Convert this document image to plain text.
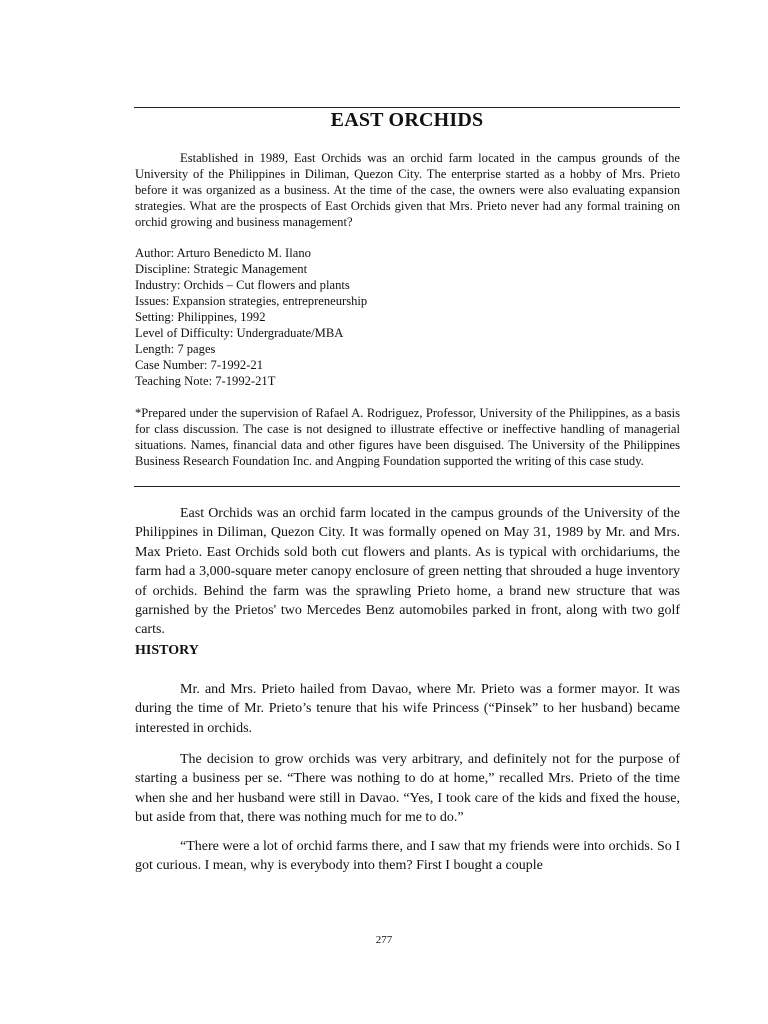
EAST ORCHIDS

Established in 1989, East Orchids was an orchid farm located in the campus grounds of the University of the Philippines in Diliman, Quezon City. The enterprise started as a hobby of Mrs. Prieto before it was organized as a business. At the time of the case, the owners were also evaluating expansion strategies. What are the prospects of East Orchids given that Mrs. Prieto never had any formal training on orchid growing and business management?

Author: Arturo Benedicto M. Ilano
Discipline: Strategic Management
Industry: Orchids – Cut flowers and plants
Issues: Expansion strategies, entrepreneurship
Setting: Philippines, 1992
Level of Difficulty: Undergraduate/MBA
Length: 7 pages
Case Number: 7-1992-21
Teaching Note: 7-1992-21T

*Prepared under the supervision of Rafael A. Rodriguez, Professor, University of the Philippines, as a basis for class discussion. The case is not designed to illustrate effective or ineffective handling of managerial situations. Names, financial data and other figures have been disguised. The University of the Philippines Business Research Foundation Inc. and Angping Foundation supported the writing of this case study.

East Orchids was an orchid farm located in the campus grounds of the University of the Philippines in Diliman, Quezon City. It was formally opened on May 31, 1989 by Mr. and Mrs. Max Prieto. East Orchids sold both cut flowers and plants. As is typical with orchidariums, the farm had a 3,000-square meter canopy enclosure of green netting that shrouded a huge inventory of orchids. Behind the farm was the sprawling Prieto home, a brand new structure that was garnished by the Prietos' two Mercedes Benz automobiles parked in front, along with two golf carts.

HISTORY

Mr. and Mrs. Prieto hailed from Davao, where Mr. Prieto was a former mayor. It was during the time of Mr. Prieto’s tenure that his wife Princess (“Pinsek” to her husband) became interested in orchids.

The decision to grow orchids was very arbitrary, and definitely not for the purpose of starting a business per se. “There was nothing to do at home,” recalled Mrs. Prieto of the time when she and her husband were still in Davao. “Yes, I took care of the kids and fixed the house, but aside from that, there was nothing much for me to do.”

“There were a lot of orchid farms there, and I saw that my friends were into orchids. So I got curious. I mean, why is everybody into them? First I bought a couple

277
